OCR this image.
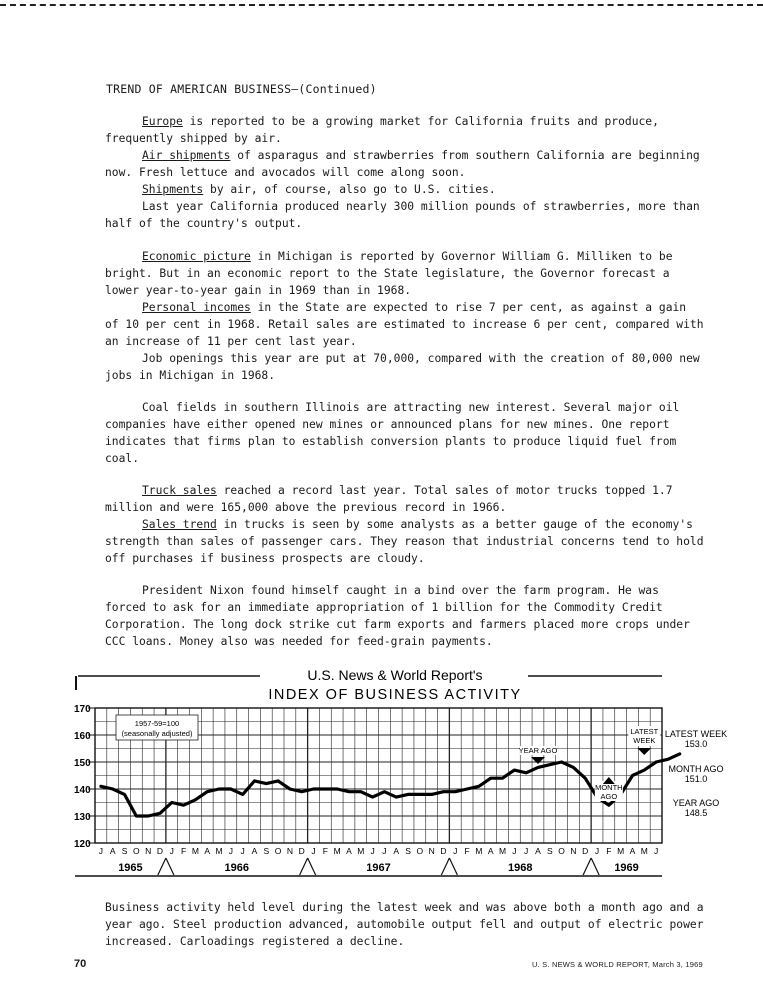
TREND OF AMERICAN BUSINESS—(Continued)

Europe is reported to be a growing market for California fruits and produce, frequently shipped by air.

Air shipments of asparagus and strawberries from southern California are beginning now. Fresh lettuce and avocados will come along soon.

Shipments by air, of course, also go to U.S. cities.

Last year California produced nearly 300 million pounds of strawberries, more than half of the country's output.

Economic picture in Michigan is reported by Governor William G. Milliken to be bright. But in an economic report to the State legislature, the Governor forecast a lower year-to-year gain in 1969 than in 1968.

Personal incomes in the State are expected to rise 7 per cent, as against a gain of 10 per cent in 1968. Retail sales are estimated to increase 6 per cent, compared with an increase of 11 per cent last year.

Job openings this year are put at 70,000, compared with the creation of 80,000 new jobs in Michigan in 1968.

Coal fields in southern Illinois are attracting new interest. Several major oil companies have either opened new mines or announced plans for new mines. One report indicates that firms plan to establish conversion plants to produce liquid fuel from coal.

Truck sales reached a record last year. Total sales of motor trucks topped 1.7 million and were 165,000 above the previous record in 1966.

Sales trend in trucks is seen by some analysts as a better gauge of the economy's strength than sales of passenger cars. They reason that industrial concerns tend to hold off purchases if business prospects are cloudy.

President Nixon found himself caught in a bind over the farm program. He was forced to ask for an immediate appropriation of 1 billion for the Commodity Credit Corporation. The long dock strike cut farm exports and farmers placed more crops under CCC loans. Money also was needed for feed-grain payments.

U.S. News & World Report's
INDEX OF BUSINESS ACTIVITY
170
160
150
140
130
120
1957-59=100
(seasonally adjusted)
YEAR AGO
MONTH
AGO
LATEST
WEEK
LATEST WEEK
153.0
MONTH AGO
151.0
YEAR AGO
148.5
J A S O N D J F M A M J J A S O N D J F M A M J J A S O N D J F M A M J J A S O N D J F M A M J
1965	1966	1967	1968	1969

Business activity held level during the latest week and was above both a month ago and a year ago. Steel production advanced, automobile output fell and output of electric power increased. Carloadings registered a decline.

70	U. S. NEWS & WORLD REPORT, March 3, 1969
